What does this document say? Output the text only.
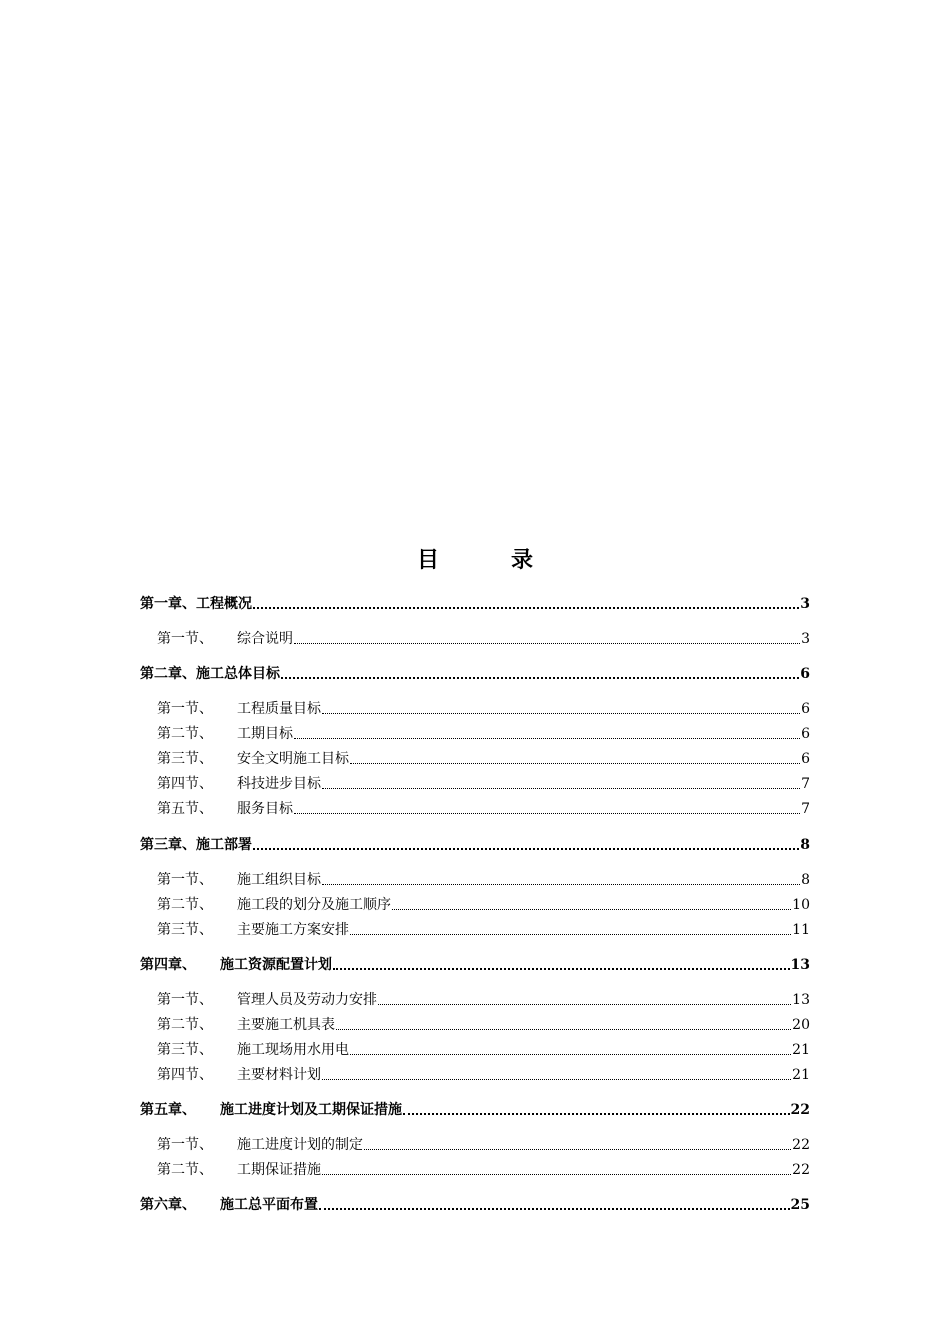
目	录
第一章、 工程概况	3
第一节、	综合说明	3
第二章、 施工总体目标	6
第一节、	工程质量目标	6
第二节、	工期目标	6
第三节、	安全文明施工目标	6
第四节、	科技进步目标	7
第五节、	服务目标	7
第三章、 施工部署	8
第一节、	施工组织目标	8
第二节、	施工段的划分及施工顺序	10
第三节、	主要施工方案安排	11
第四章、	施工资源配置计划	13
第一节、	管理人员及劳动力安排	13
第二节、	主要施工机具表	20
第三节、	施工现场用水用电	21
第四节、	主要材料计划	21
第五章、	施工进度计划及工期保证措施	22
第一节、	施工进度计划的制定	22
第二节、	工期保证措施	22
第六章、	施工总平面布置	25
